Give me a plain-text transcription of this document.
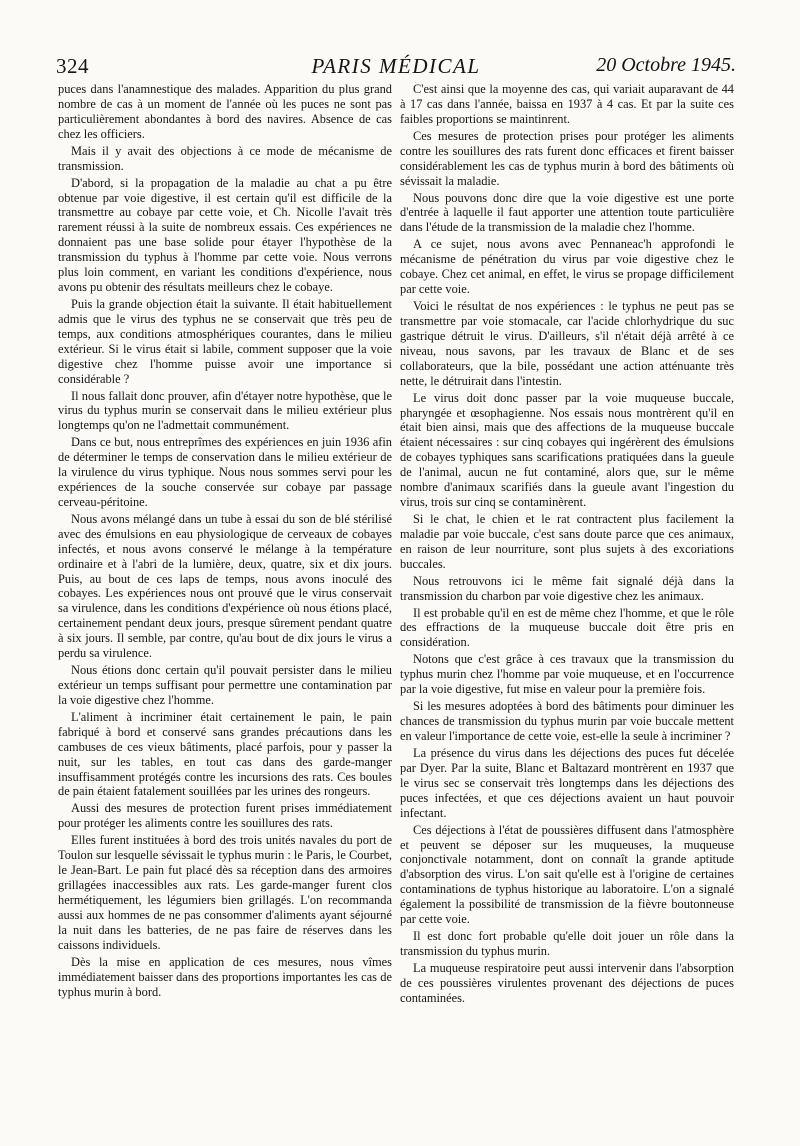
324	PARIS MÉDICAL	20 Octobre 1945.

puces dans l'anamnestique des malades. Apparition du plus grand nombre de cas à un moment de l'année où les puces ne sont pas particulièrement abondantes à bord des navires. Absence de cas chez les officiers.

Mais il y avait des objections à ce mode de mécanisme de transmission.

D'abord, si la propagation de la maladie au chat a pu être obtenue par voie digestive, il est certain qu'il est difficile de la transmettre au cobaye par cette voie, et Ch. Nicolle l'avait très rarement réussi à la suite de nombreux essais. Ces expériences ne donnaient pas une base solide pour étayer l'hypothèse de la transmission du typhus à l'homme par cette voie. Nous verrons plus loin comment, en variant les conditions d'expérience, nous avons pu obtenir des résultats meilleurs chez le cobaye.

Puis la grande objection était la suivante. Il était habituellement admis que le virus des typhus ne se conservait que très peu de temps, aux conditions atmosphériques courantes, dans le milieu extérieur. Si le virus était si labile, comment supposer que la voie digestive chez l'homme puisse avoir une importance si considérable ?

Il nous fallait donc prouver, afin d'étayer notre hypothèse, que le virus du typhus murin se conservait dans le milieu extérieur plus longtemps qu'on ne l'admettait communément.

Dans ce but, nous entreprîmes des expériences en juin 1936 afin de déterminer le temps de conservation dans le milieu extérieur de la virulence du virus typhique. Nous nous sommes servi pour les expériences de la souche conservée sur cobaye par passage cerveau-péritoine.

Nous avons mélangé dans un tube à essai du son de blé stérilisé avec des émulsions en eau physiologique de cerveaux de cobayes infectés, et nous avons conservé le mélange à la température ordinaire et à l'abri de la lumière, deux, quatre, six et dix jours. Puis, au bout de ces laps de temps, nous avons inoculé des cobayes. Les expériences nous ont prouvé que le virus conservait sa virulence, dans les conditions d'expérience où nous étions placé, certainement pendant deux jours, presque sûrement pendant quatre à six jours. Il semble, par contre, qu'au bout de dix jours le virus a perdu sa virulence.

Nous étions donc certain qu'il pouvait persister dans le milieu extérieur un temps suffisant pour permettre une contamination par la voie digestive chez l'homme.

L'aliment à incriminer était certainement le pain, le pain fabriqué à bord et conservé sans grandes précautions dans les cambuses de ces vieux bâtiments, placé parfois, pour y passer la nuit, sur les tables, en tout cas dans des garde-manger insuffisamment protégés contre les incursions des rats. Ces boules de pain étaient fatalement souillées par les urines des rongeurs.

Aussi des mesures de protection furent prises immédiatement pour protéger les aliments contre les souillures des rats.

Elles furent instituées à bord des trois unités navales du port de Toulon sur lesquelle sévissait le typhus murin : le Paris, le Courbet, le Jean-Bart. Le pain fut placé dès sa réception dans des armoires grillagées inaccessibles aux rats. Les garde-manger furent clos hermétiquement, les légumiers bien grillagés. L'on recommanda aussi aux hommes de ne pas consommer d'aliments ayant séjourné la nuit dans les batteries, de ne pas faire de réserves dans les caissons individuels.

Dès la mise en application de ces mesures, nous vîmes immédiatement baisser dans des proportions importantes les cas de typhus murin à bord.

C'est ainsi que la moyenne des cas, qui variait auparavant de 44 à 17 cas dans l'année, baissa en 1937 à 4 cas. Et par la suite ces faibles proportions se maintinrent.

Ces mesures de protection prises pour protéger les aliments contre les souillures des rats furent donc efficaces et firent baisser considérablement les cas de typhus murin à bord des bâtiments où sévissait la maladie.

Nous pouvons donc dire que la voie digestive est une porte d'entrée à laquelle il faut apporter une attention toute particulière dans l'étude de la transmission de la maladie chez l'homme.

A ce sujet, nous avons avec Pennaneac'h approfondi le mécanisme de pénétration du virus par voie digestive chez le cobaye. Chez cet animal, en effet, le virus se propage difficilement par cette voie.

Voici le résultat de nos expériences : le typhus ne peut pas se transmettre par voie stomacale, car l'acide chlorhydrique du suc gastrique détruit le virus. D'ailleurs, s'il n'était déjà arrêté à ce niveau, nous savons, par les travaux de Blanc et de ses collaborateurs, que la bile, possédant une action atténuante très nette, le détruirait dans l'intestin.

Le virus doit donc passer par la voie muqueuse buccale, pharyngée et œsophagienne. Nos essais nous montrèrent qu'il en était bien ainsi, mais que des affections de la muqueuse buccale étaient nécessaires : sur cinq cobayes qui ingérèrent des émulsions de cobayes typhiques sans scarifications pratiquées dans la gueule de l'animal, aucun ne fut contaminé, alors que, sur le même nombre d'animaux scarifiés dans la gueule avant l'ingestion du virus, trois sur cinq se contaminèrent.

Si le chat, le chien et le rat contractent plus facilement la maladie par voie buccale, c'est sans doute parce que ces animaux, en raison de leur nourriture, sont plus sujets à des excoriations buccales.

Nous retrouvons ici le même fait signalé déjà dans la transmission du charbon par voie digestive chez les animaux.

Il est probable qu'il en est de même chez l'homme, et que le rôle des effractions de la muqueuse buccale doit être pris en considération.

Notons que c'est grâce à ces travaux que la transmission du typhus murin chez l'homme par voie muqueuse, et en l'occurrence par la voie digestive, fut mise en valeur pour la première fois.

Si les mesures adoptées à bord des bâtiments pour diminuer les chances de transmission du typhus murin par voie buccale mettent en valeur l'importance de cette voie, est-elle la seule à incriminer ?

La présence du virus dans les déjections des puces fut décelée par Dyer. Par la suite, Blanc et Baltazard montrèrent en 1937 que le virus sec se conservait très longtemps dans les déjections des puces infectées, et que ces déjections avaient un haut pouvoir infectant.

Ces déjections à l'état de poussières diffusent dans l'atmosphère et peuvent se déposer sur les muqueuses, la muqueuse conjonctivale notamment, dont on connaît la grande aptitude d'absorption des virus. L'on sait qu'elle est à l'origine de certaines contaminations de typhus historique au laboratoire. L'on a signalé également la possibilité de transmission de la fièvre boutonneuse par cette voie.

Il est donc fort probable qu'elle doit jouer un rôle dans la transmission du typhus murin.

La muqueuse respiratoire peut aussi intervenir dans l'absorption de ces poussières virulentes provenant des déjections de puces contaminées.
